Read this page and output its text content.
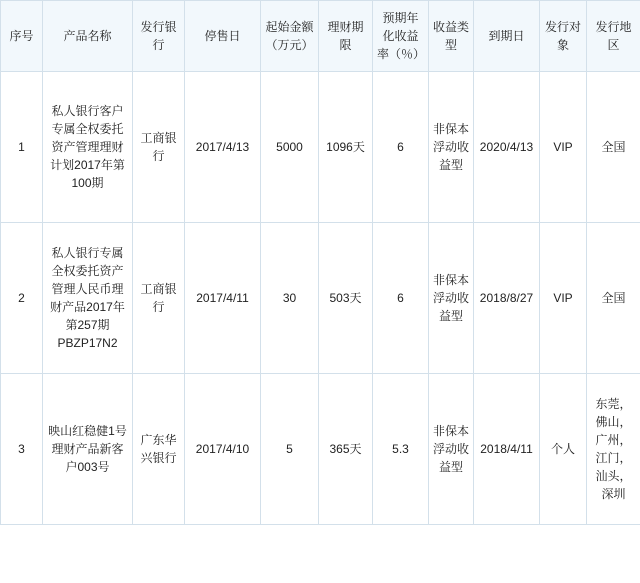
序号	产品名称	发行银行	停售日	起始金额（万元）	理财期限	预期年化收益率（％）	收益类型	到期日	发行对象	发行地区
1	私人银行客户专属全权委托资产管理理财计划2017年第100期	工商银行	2017/4/13	5000	1096天	6	非保本浮动收益型	2020/4/13	VIP	全国
2	私人银行专属全权委托资产管理人民币理财产品2017年第257期PBZP17N2	工商银行	2017/4/11	30	503天	6	非保本浮动收益型	2018/8/27	VIP	全国
3	映山红稳健1号理财产品新客户003号	广东华兴银行	2017/4/10	5	365天	5.3	非保本浮动收益型	2018/4/11	个人	东莞，佛山，广州，江门，汕头，深圳
